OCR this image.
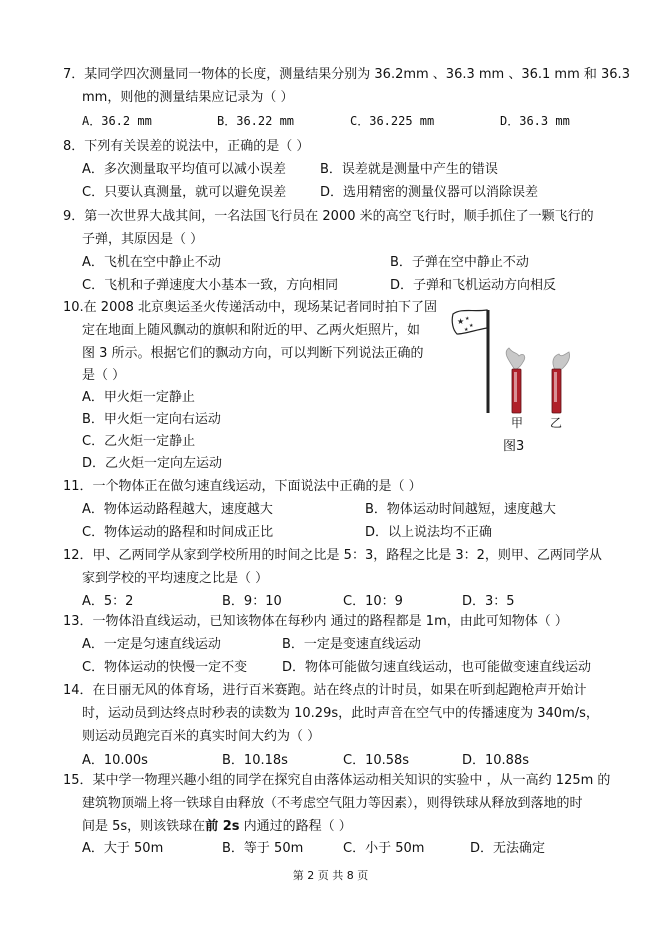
7．某同学四次测量同一物体的长度，测量结果分别为 36.2mm 、36.3 mm 、36.1 mm 和 36.3
mm，则他的测量结果应记录为（ ）
A．36.2 mm	B．36.22 mm	C．36.225 mm	D．36.3 mm
8．下列有关误差的说法中，正确的是（ ）
A．多次测量取平均值可以减小误差	B．误差就是测量中产生的错误
C．只要认真测量，就可以避免误差	D．选用精密的测量仪器可以消除误差
9．第一次世界大战其间，一名法国飞行员在 2000 米的高空飞行时，顺手抓住了一颗飞行的
子弹，其原因是（ ）
A．飞机在空中静止不动	B．子弹在空中静止不动
C．飞机和子弹速度大小基本一致，方向相同	D．子弹和飞机运动方向相反
10.在 2008 北京奥运圣火传递活动中，现场某记者同时拍下了固
定在地面上随风飘动的旗帜和附近的甲、乙两火炬照片，如
图 3 所示。根据它们的飘动方向，可以判断下列说法正确的
是（ ）
A．甲火炬一定静止
B．甲火炬一定向右运动
C．乙火炬一定静止
D．乙火炬一定向左运动
★ ★
★
★
甲 乙
图3
11．一个物体正在做匀速直线运动，下面说法中正确的是（ ）
A．物体运动路程越大，速度越大	B．物体运动时间越短，速度越大
C．物体运动的路程和时间成正比	D．以上说法均不正确
12．甲、乙两同学从家到学校所用的时间之比是 5：3，路程之比是 3：2，则甲、乙两同学从
家到学校的平均速度之比是（ ）
A．5：2	B．9：10	C．10：9	D．3：5
13．一物体沿直线运动，已知该物体在每秒内 通过的路程都是 1m，由此可知物体（ ）
A．一定是匀速直线运动	B．一定是变速直线运动
C．物体运动的快慢一定不变	D．物体可能做匀速直线运动，也可能做变速直线运动
14．在日丽无风的体育场，进行百米赛跑。站在终点的计时员，如果在听到起跑枪声开始计
时，运动员到达终点时秒表的读数为 10.29s，此时声音在空气中的传播速度为 340m/s，
则运动员跑完百米的真实时间大约为（ ）
A．10.00s	B．10.18s	C．10.58s	D．10.88s
15．某中学一物理兴趣小组的同学在探究自由落体运动相关知识的实验中 ，从一高约 125m 的
建筑物顶端上将一铁球自由释放（不考虑空气阻力等因素），则得铁球从释放到落地的时
间是 5s，则该铁球在前 2s 内通过的路程（ ）
A．大于 50m	B．等于 50m	C．小于 50m	D．无法确定
第 2 页 共 8 页
